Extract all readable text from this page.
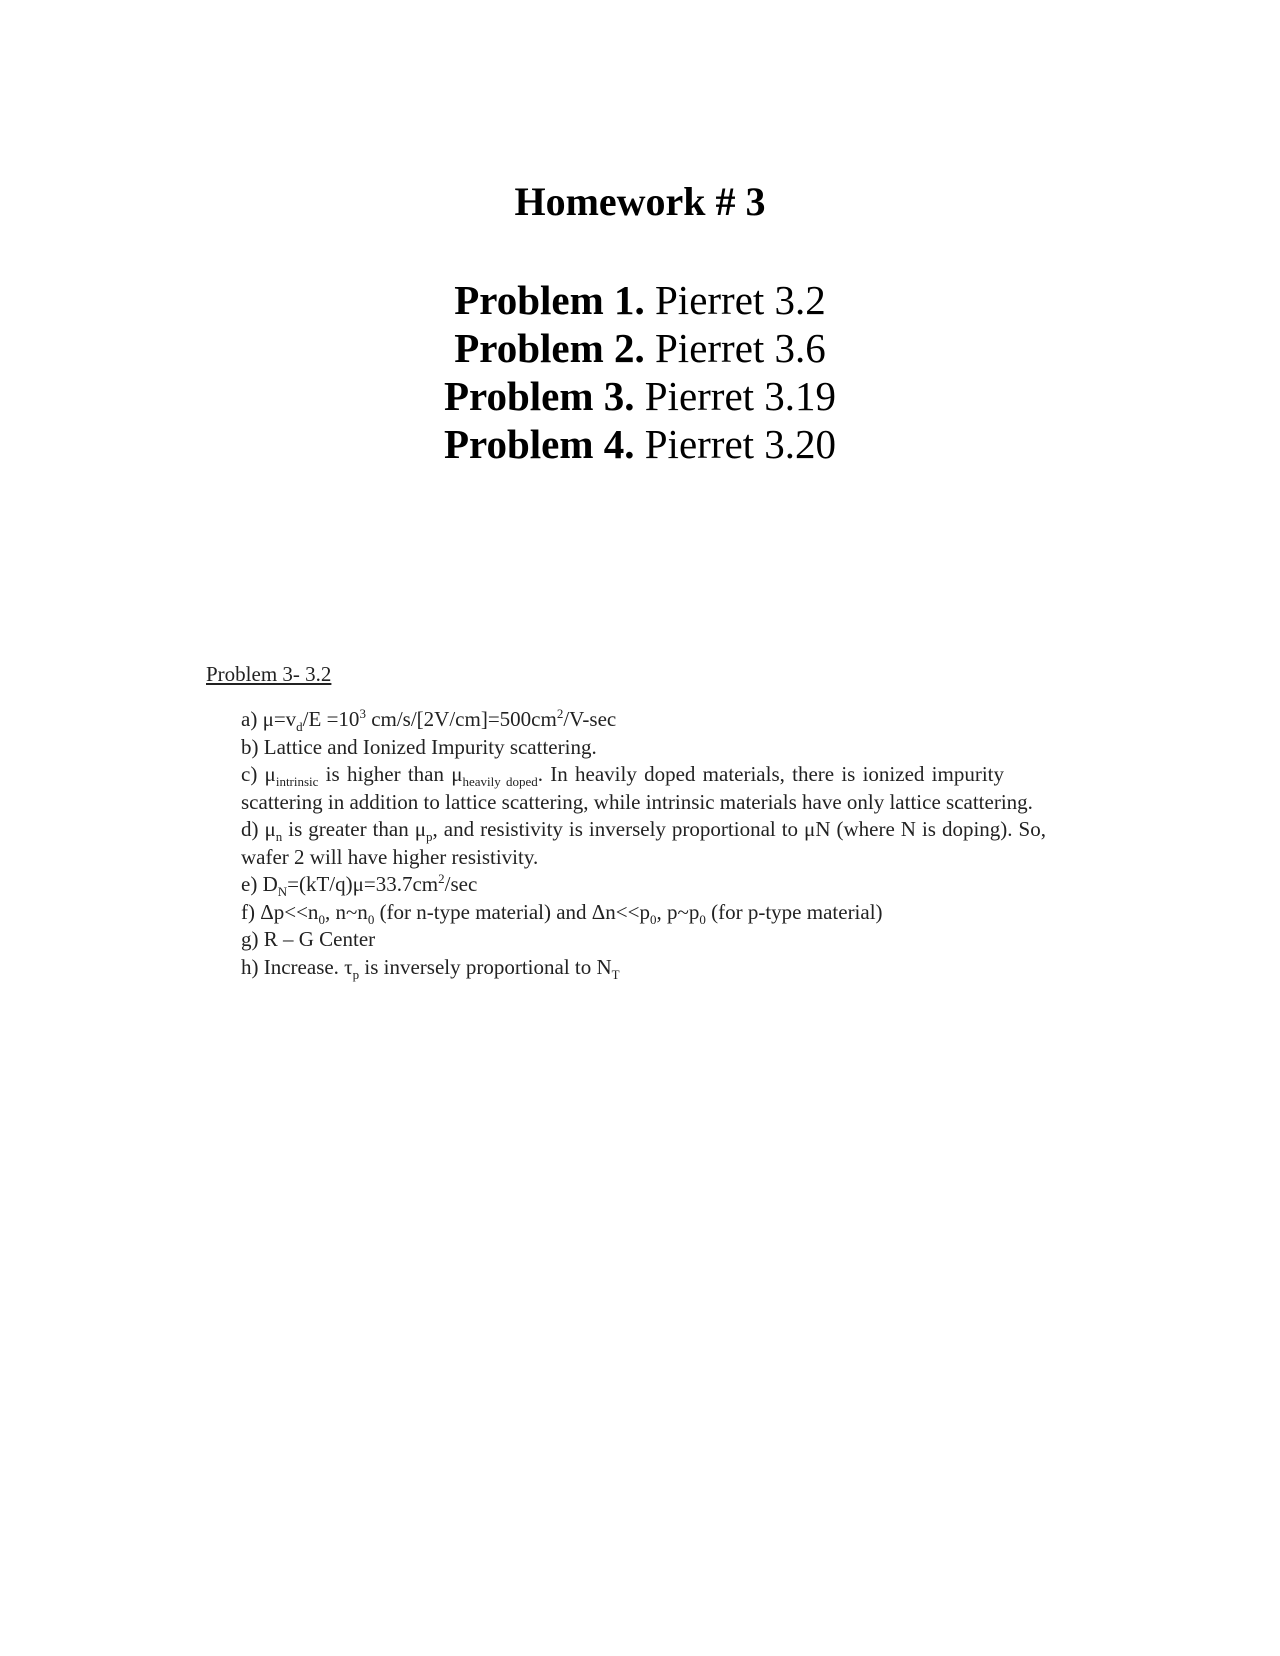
Homework # 3
Problem 1. Pierret 3.2
Problem 2. Pierret 3.6
Problem 3. Pierret 3.19
Problem 4. Pierret 3.20
Problem 3- 3.2
a) $\mu=v_d/E =10^3$ $cm/s/[2V/cm]=500cm^2/V-\sec$
b) Lattice and Ionized Impurity scattering.
c) $\mu_{intrinsic}$ is higher than $\mu_{heavily doped}$. In heavily doped materials, there is ionized impurityscattering in addition to lattice scattering, while intrinsic materials have only lattice scattering.
d) $\mu_n$ is greater than $\mu_p$, and resistivity is inversely proportional to μN (where N is doping). So, wafer 2 will have higher resistivity.
e) $D_N=(kT/q)\mu=33.7cm^2/\sec$
f) $\Delta p<<n_0$, $n\sim n_0$ (for n-type material) and $\Delta n<<p_0$, $p\sim p_0$ (for p-type material)
g) R – G Center
h) Increase. $\tau_p$ is inversely proportional to $N_T$
